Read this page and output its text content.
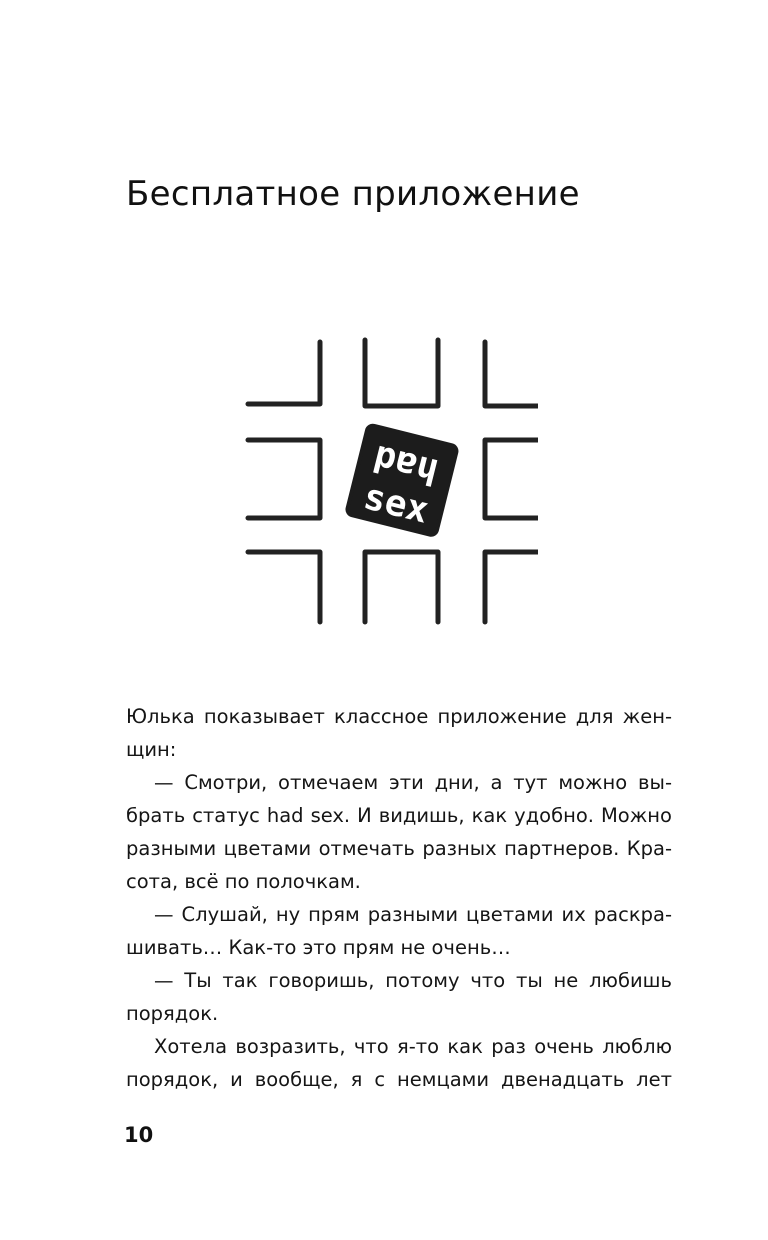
Бесплатное приложение
had
sex

Юлька показывает классное приложение для женщин:

— Смотри, отмечаем эти дни, а тут можно выбрать статус had sex. И видишь, как удобно. Можно разными цветами отмечать разных партнеров. Красота, всё по полочкам.

— Слушай, ну прям разными цветами их раскрашивать… Как-то это прям не очень…

— Ты так говоришь, потому что ты не любишь порядок.

Хотела возразить, что я-то как раз очень люблю порядок, и вообще, я с немцами двенадцать лет

10
